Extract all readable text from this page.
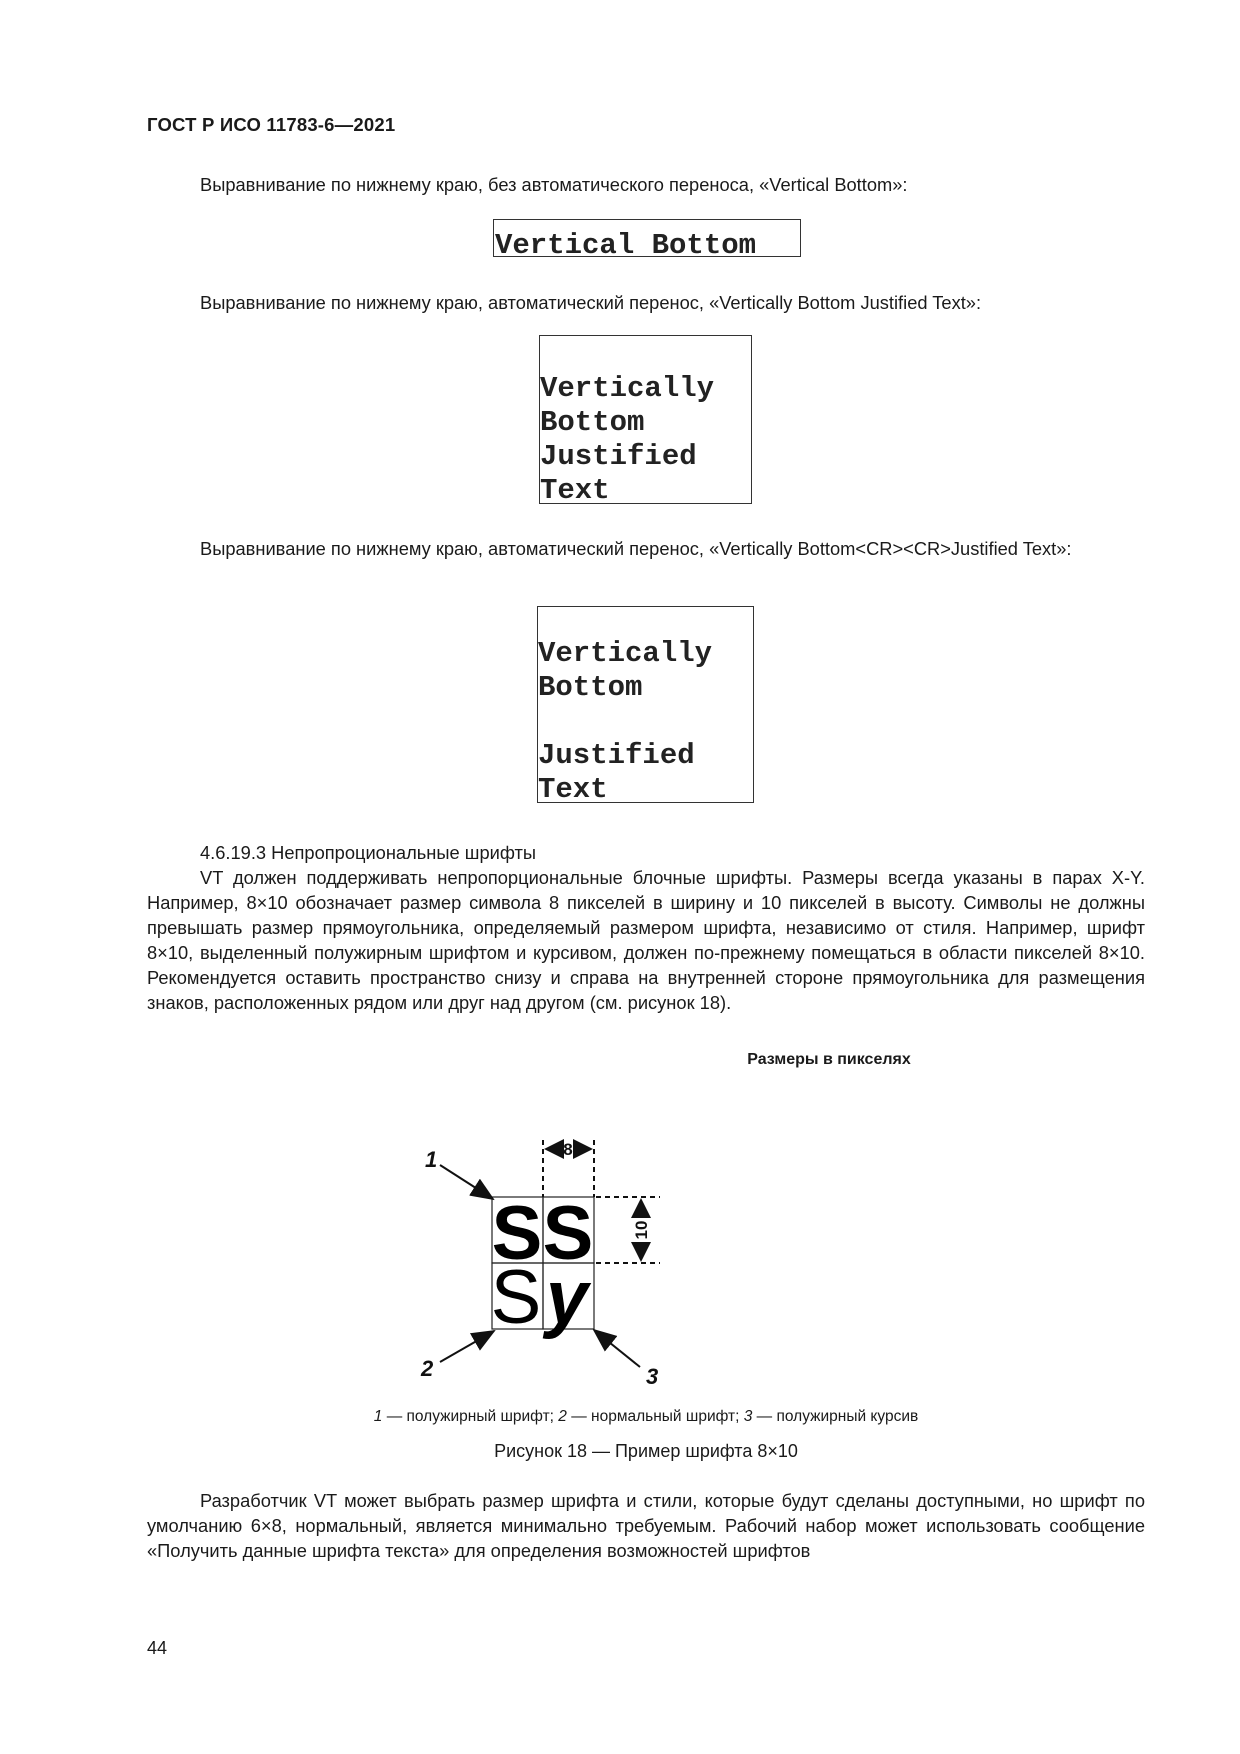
ГОСТ Р ИСО 11783-6—2021
Выравнивание по нижнему краю, без автоматического переноса, «Vertical Bottom»:
Vertical Bottom
Выравнивание по нижнему краю, автоматический перенос, «Vertically Bottom Justified Text»:
Vertically
Bottom
Justified
Text
Выравнивание по нижнему краю, автоматический перенос, «Vertically Bottom<CR><CR>Justified Text»:
Vertically
Bottom

Justified
Text
4.6.19.3 Непропроциональные шрифты
VT должен поддерживать непропорциональные блочные шрифты. Размеры всегда указаны в парах X-Y. Например, 8×10 обозначает размер символа 8 пикселей в ширину и 10 пикселей в высоту. Символы не должны превышать размер прямоугольника, определяемый размером шрифта, независимо от стиля. Например, шрифт 8×10, выделенный полужирным шрифтом и курсивом, должен по-прежнему помещаться в области пикселей 8×10. Рекомендуется оставить пространство снизу и справа на внутренней стороне прямоугольника для размещения знаков, расположенных рядом или друг над другом (см. рисунок 18).
Размеры в пикселях
S S
S y
8
10
1
2	3
1 — полужирный шрифт; 2 — нормальный шрифт; 3 — полужирный курсив
Рисунок 18 — Пример шрифта 8×10
Разработчик VT может выбрать размер шрифта и стили, которые будут сделаны доступными, но шрифт по умолчанию 6×8, нормальный, является минимально требуемым. Рабочий набор может использовать сообщение «Получить данные шрифта текста» для определения возможностей шрифтов
44
